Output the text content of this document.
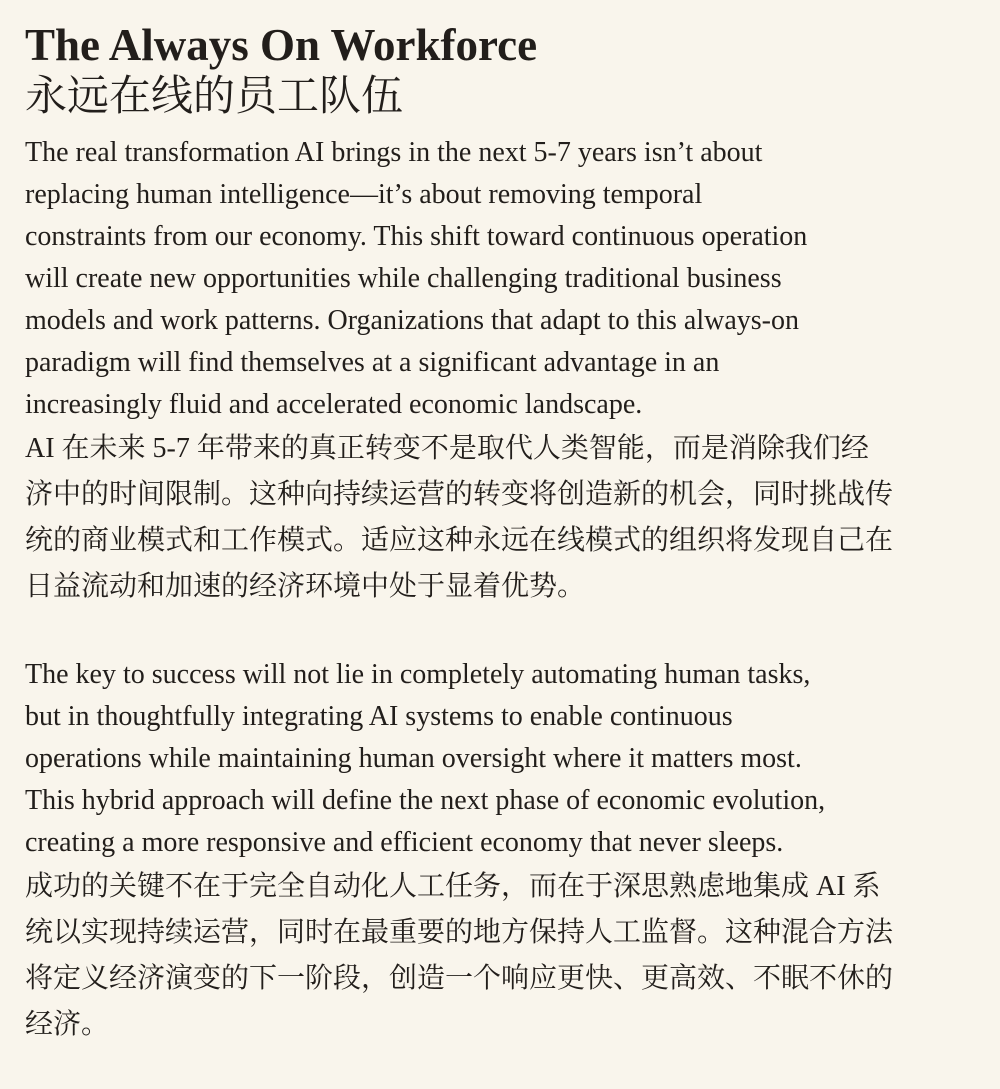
The Always On Workforce
永远在线的员工队伍

The real transformation AI brings in the next 5-7 years isn’t about
replacing human intelligence—it’s about removing temporal
constraints from our economy. This shift toward continuous operation
will create new opportunities while challenging traditional business
models and work patterns. Organizations that adapt to this always-on
paradigm will find themselves at a significant advantage in an
increasingly fluid and accelerated economic landscape.

AI 在未来 5-7 年带来的真正转变不是取代人类智能，而是消除我们经
济中的时间限制。这种向持续运营的转变将创造新的机会，同时挑战传
统的商业模式和工作模式。适应这种永远在线模式的组织将发现自己在
日益流动和加速的经济环境中处于显着优势。

The key to success will not lie in completely automating human tasks,
but in thoughtfully integrating AI systems to enable continuous
operations while maintaining human oversight where it matters most.
This hybrid approach will define the next phase of economic evolution,
creating a more responsive and efficient economy that never sleeps.

成功的关键不在于完全自动化人工任务，而在于深思熟虑地集成 AI 系
统以实现持续运营，同时在最重要的地方保持人工监督。这种混合方法
将定义经济演变的下一阶段，创造一个响应更快、更高效、不眠不休的
经济。
